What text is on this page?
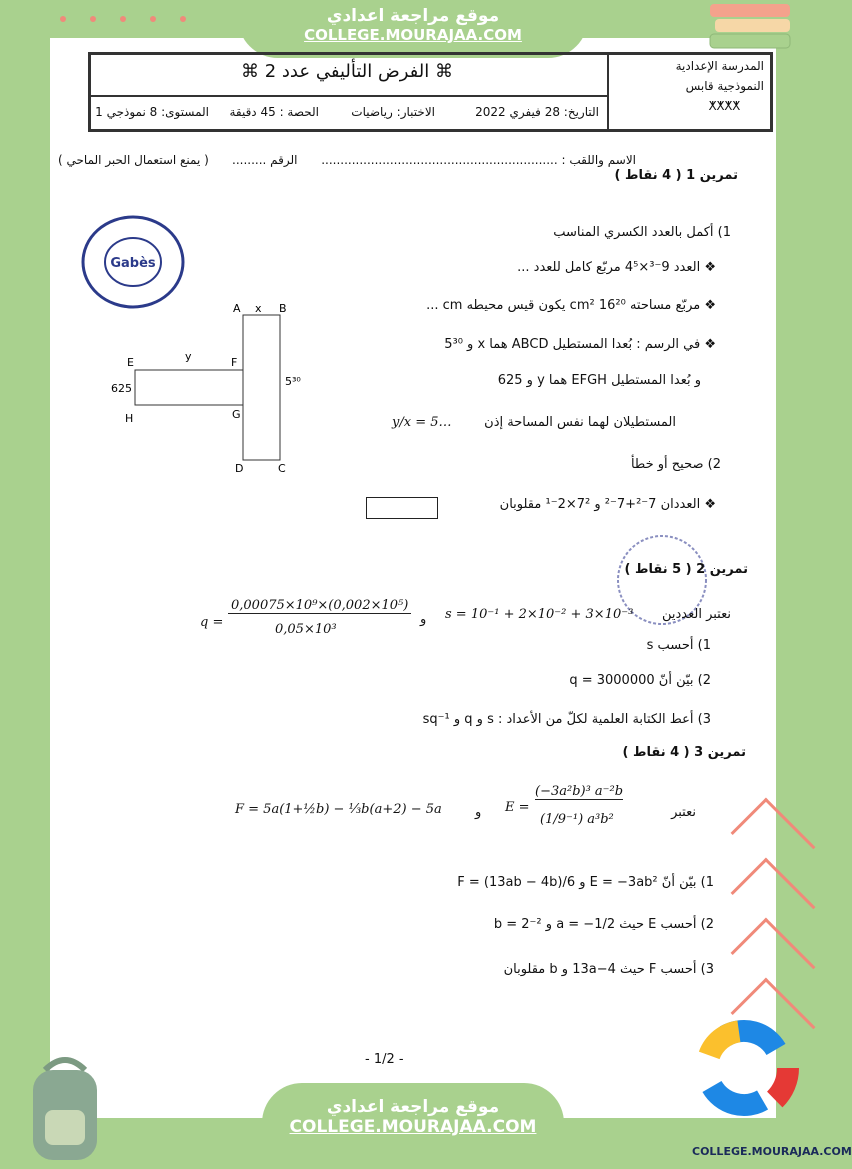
موقع مراجعة اعدادي
COLLEGE.MOURAJAA.COM
⌘ الفرض التأليفي عدد 2 ⌘
التاريخ: 28 فيفري 2022
الاختبار: رياضيات
الحصة : 45 دقيقة
المستوى: 8 نموذجي 1
المدرسة الإعدادية
النموذجية قابس
ⵅⵅⵅⵅ
الاسم واللقب : ..............................................................
الرقم .........
( يمنع استعمال الحبر الماحي )
Gabès
تمرين 1 ( 4 نقاط )
1) أكمل بالعدد الكسري المناسب
❖ العدد 9⁻³×4⁵ مربّع كامل للعدد ...
❖ مربّع مساحته 16²⁰ cm² يكون قيس محيطه cm ...
❖ في الرسم : بُعدا المستطيل ABCD هما x و 5³⁰
و بُعدا المستطيل EFGH هما y و 625
المستطيلان لهما نفس المساحة إذن
y/x = 5…
2) صحيح أو خطأ
❖ العددان 7⁻²+7⁻² و 7²×2⁻¹ مقلوبان
A	B
D	C
E	F
G
H
x
y
625
5³⁰
تمرين 2 ( 5 نقاط )
نعتبر العددين
s = 10⁻¹ + 2×10⁻² + 3×10⁻³
و
q =
0,00075×10⁹×(0,002×10⁵)
0,05×10³
1) أحسب s
2) بيّن أنّ q = 3000000
3) أعط الكتابة العلمية لكلّ من الأعداد : s و q و sq⁻¹
تمرين 3 ( 4 نقاط )
نعتبر
E =
(−3a²b)³ a⁻²b
(1/9⁻¹) a³b²
و
F = 5a(1+½b) − ⅓b(a+2) − 5a
1) بيّن أنّ E = −3ab² و F = (13ab − 4b)/6
2) أحسب E حيث a = −1/2 و b = 2⁻²
3) أحسب F حيث 13a−4 و b مقلوبان
- 1/2 -
COLLEGE.MOURAJAA.COM
موقع مراجعة اعدادي
COLLEGE.MOURAJAA.COM
